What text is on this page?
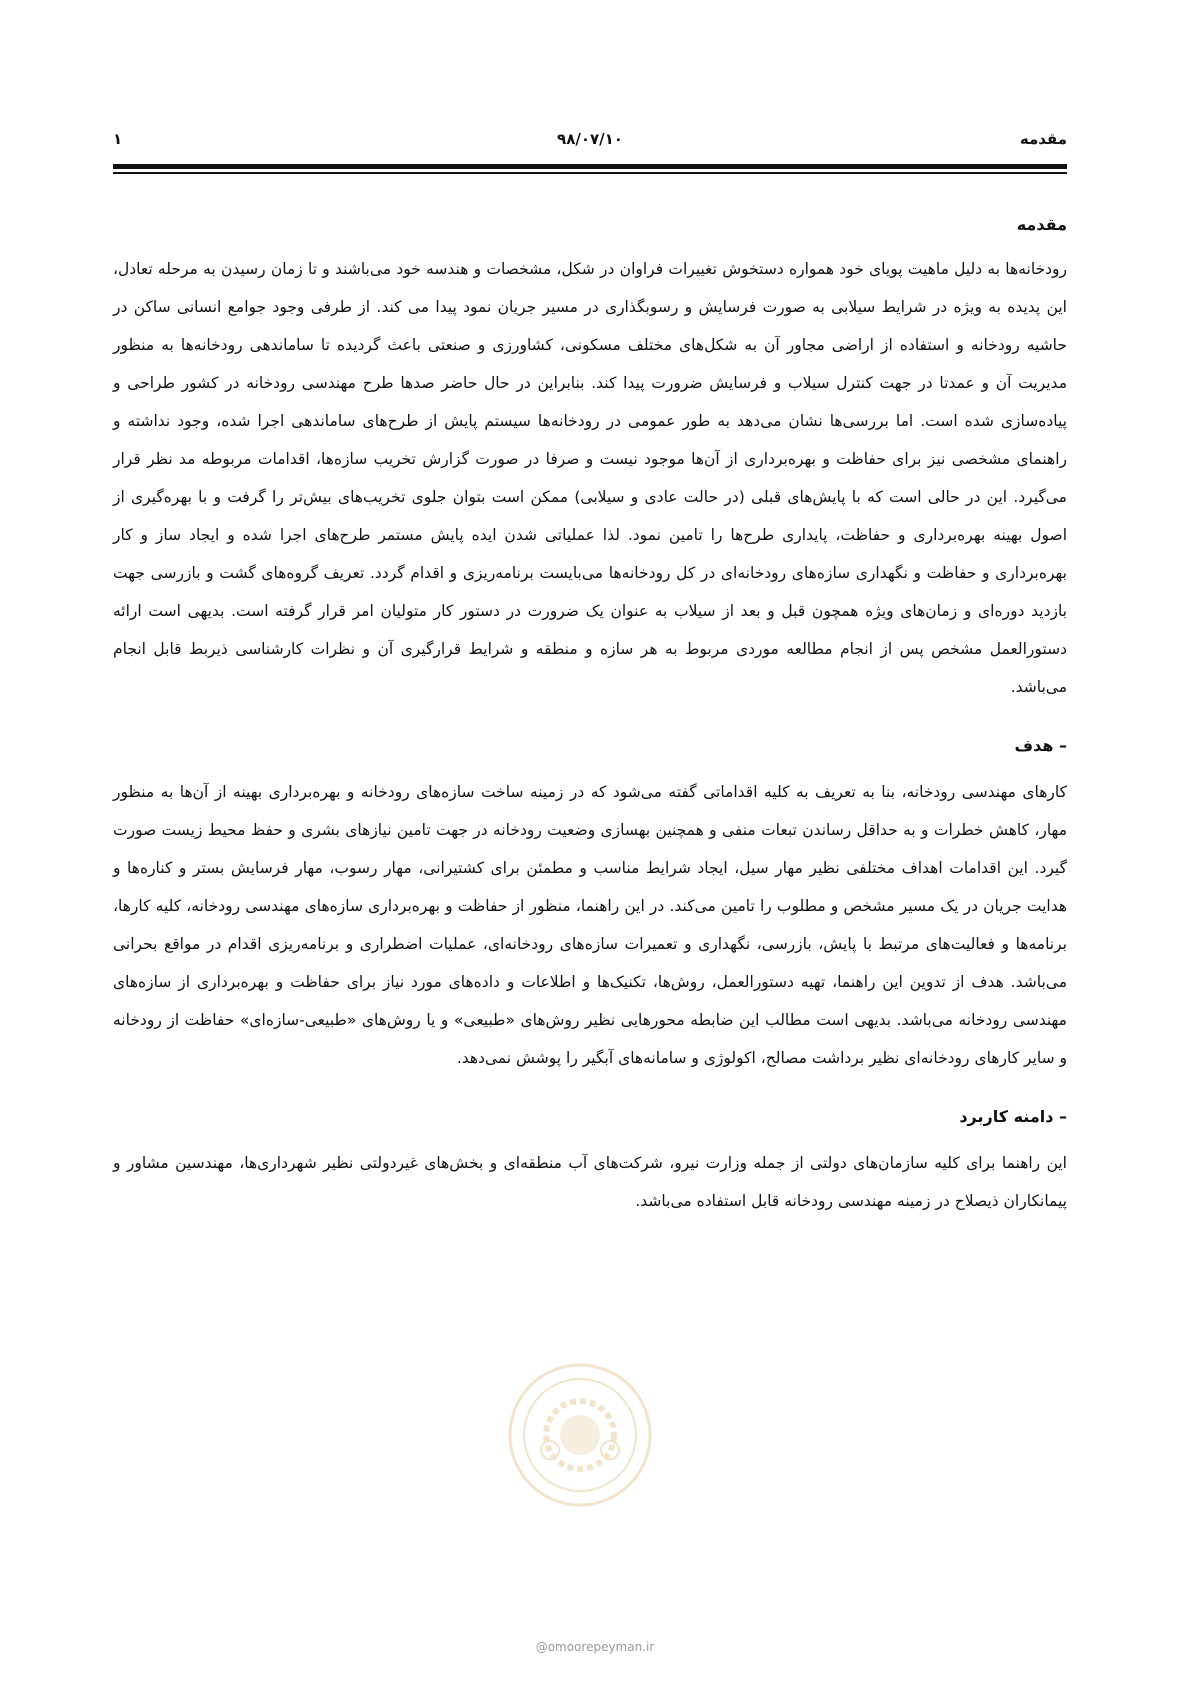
مقدمه
۹۸/۰۷/۱۰
۱
مقدمه

رودخانه‌ها به دلیل ماهیت پویای خود همواره دستخوش تغییرات فراوان در شکل، مشخصات و هندسه خود می‌باشند و تا زمان رسیدن به مرحله تعادل، این پدیده به ویژه در شرایط سیلابی به صورت فرسایش و رسوبگذاری در مسیر جریان نمود پیدا می کند. از طرفی وجود جوامع انسانی ساکن در حاشیه رودخانه و استفاده از اراضی مجاور آن به شکل‌های مختلف مسکونی، کشاورزی و صنعتی باعث گردیده تا ساماندهی رودخانه‌ها به منظور مدیریت آن و عمدتا در جهت کنترل سیلاب و فرسایش ضرورت پیدا کند. بنابراین در حال حاضر صدها طرح مهندسی رودخانه در کشور طراحی و پیاده‌سازی شده است. اما بررسی‌ها نشان می‌دهد به طور عمومی در رودخانه‌ها سیستم پایش از طرح‌های ساماندهی اجرا شده، وجود نداشته و راهنمای مشخصی نیز برای حفاظت و بهره‌برداری از آن‌ها موجود نیست و صرفا در صورت گزارش تخریب سازه‌ها، اقدامات مربوطه مد نظر قرار می‌گیرد. این در حالی است که با پایش‌های قبلی (در حالت عادی و سیلابی) ممکن است بتوان جلوی تخریب‌های بیش‌تر را گرفت و با بهره‌گیری از اصول بهینه بهره‌برداری و حفاظت، پایداری طرح‌ها را تامین نمود. لذا عملیاتی شدن ایده پایش مستمر طرح‌های اجرا شده و ایجاد ساز و کار بهره‌برداری و حفاظت و نگهداری سازه‌های رودخانه‌ای در کل رودخانه‌ها می‌بایست برنامه‌ریزی و اقدام گردد. تعریف گروه‌های گشت و بازرسی جهت بازدید دوره‌ای و زمان‌های ویژه همچون قبل و بعد از سیلاب به عنوان یک ضرورت در دستور کار متولیان امر قرار گرفته است. بدیهی است ارائه دستورالعمل مشخص پس از انجام مطالعه موردی مربوط به هر سازه و منطقه و شرایط قرارگیری آن و نظرات کارشناسی ذیربط قابل انجام می‌باشد.

– هدف

کارهای مهندسی رودخانه، بنا به تعریف به کلیه اقداماتی گفته می‌شود که در زمینه ساخت سازه‌های رودخانه و بهره‌برداری بهینه از آن‌ها به منظور مهار، کاهش خطرات و به حداقل رساندن تبعات منفی و همچنین بهسازی وضعیت رودخانه در جهت تامین نیازهای بشری و حفظ محیط زیست صورت گیرد. این اقدامات اهداف مختلفی نظیر مهار سیل، ایجاد شرایط مناسب و مطمئن برای کشتیرانی، مهار رسوب، مهار فرسایش بستر و کناره‌ها و هدایت جریان در یک مسیر مشخص و مطلوب را تامین می‌کند. در این راهنما، منظور از حفاظت و بهره‌برداری سازه‌های مهندسی رودخانه، کلیه کارها، برنامه‌ها و فعالیت‌های مرتبط با پایش، بازرسی، نگهداری و تعمیرات سازه‌های رودخانه‌ای، عملیات اضطراری و برنامه‌ریزی اقدام در مواقع بحرانی می‌باشد. هدف از تدوین این راهنما، تهیه دستورالعمل، روش‌ها، تکنیک‌ها و اطلاعات و داده‌های مورد نیاز برای حفاظت و بهره‌برداری از سازه‌های مهندسی رودخانه می‌باشد. بدیهی است مطالب این ضابطه محورهایی نظیر روش‌های «طبیعی» و یا روش‌های «طبیعی-سازه‌ای» حفاظت از رودخانه و سایر کارهای رودخانه‌ای نظیر برداشت مصالح، اکولوژی و سامانه‌های آبگیر را پوشش نمی‌دهد.

– دامنه کاربرد

این راهنما برای کلیه سازمان‌های دولتی از جمله وزارت نیرو، شرکت‌های آب منطقه‌ای و بخش‌های غیردولتی نظیر شهرداری‌ها، مهندسین مشاور و پیمانکاران ذیصلاح در زمینه مهندسی رودخانه قابل استفاده می‌باشد.

@omoorepeyman.ir
